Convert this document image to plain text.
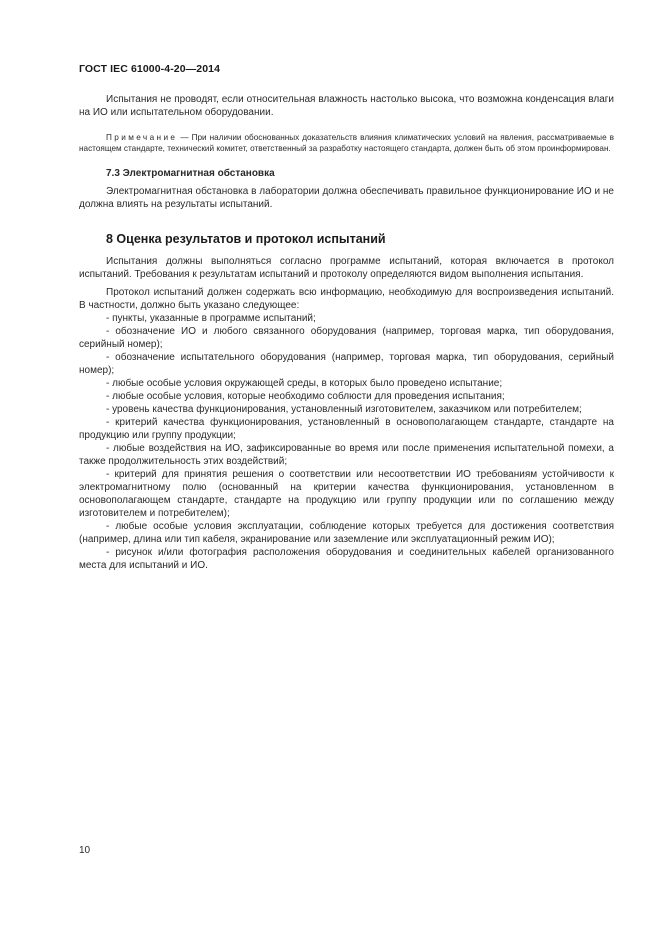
ГОСТ IEC 61000-4-20—2014

Испытания не проводят, если относительная влажность настолько высока, что возможна конденсация влаги на ИО или испытательном оборудовании.

Примечание — При наличии обоснованных доказательств влияния климатических условий на явления, рассматриваемые в настоящем стандарте, технический комитет, ответственный за разработку настоящего стандарта, должен быть об этом проинформирован.

7.3 Электромагнитная обстановка

Электромагнитная обстановка в лаборатории должна обеспечивать правильное функционирование ИО и не должна влиять на результаты испытаний.

8 Оценка результатов и протокол испытаний

Испытания должны выполняться согласно программе испытаний, которая включается в протокол испытаний. Требования к результатам испытаний и протоколу определяются видом выполнения испытания.

Протокол испытаний должен содержать всю информацию, необходимую для воспроизведения испытаний. В частности, должно быть указано следующее:

- пункты, указанные в программе испытаний;
- обозначение ИО и любого связанного оборудования (например, торговая марка, тип оборудования, серийный номер);
- обозначение испытательного оборудования (например, торговая марка, тип оборудования, серийный номер);
- любые особые условия окружающей среды, в которых было проведено испытание;
- любые особые условия, которые необходимо соблюсти для проведения испытания;
- уровень качества функционирования, установленный изготовителем, заказчиком или потребителем;
- критерий качества функционирования, установленный в основополагающем стандарте, стандарте на продукцию или группу продукции;
- любые воздействия на ИО, зафиксированные во время или после применения испытательной помехи, а также продолжительность этих воздействий;
- критерий для принятия решения о соответствии или несоответствии ИО требованиям устойчивости к электромагнитному полю (основанный на критерии качества функционирования, установленном в основополагающем стандарте, стандарте на продукцию или группу продукции или по соглашению между изготовителем и потребителем);
- любые особые условия эксплуатации, соблюдение которых требуется для достижения соответствия (например, длина или тип кабеля, экранирование или заземление или эксплуатационный режим ИО);
- рисунок и/или фотография расположения оборудования и соединительных кабелей организованного места для испытаний и ИО.
10
